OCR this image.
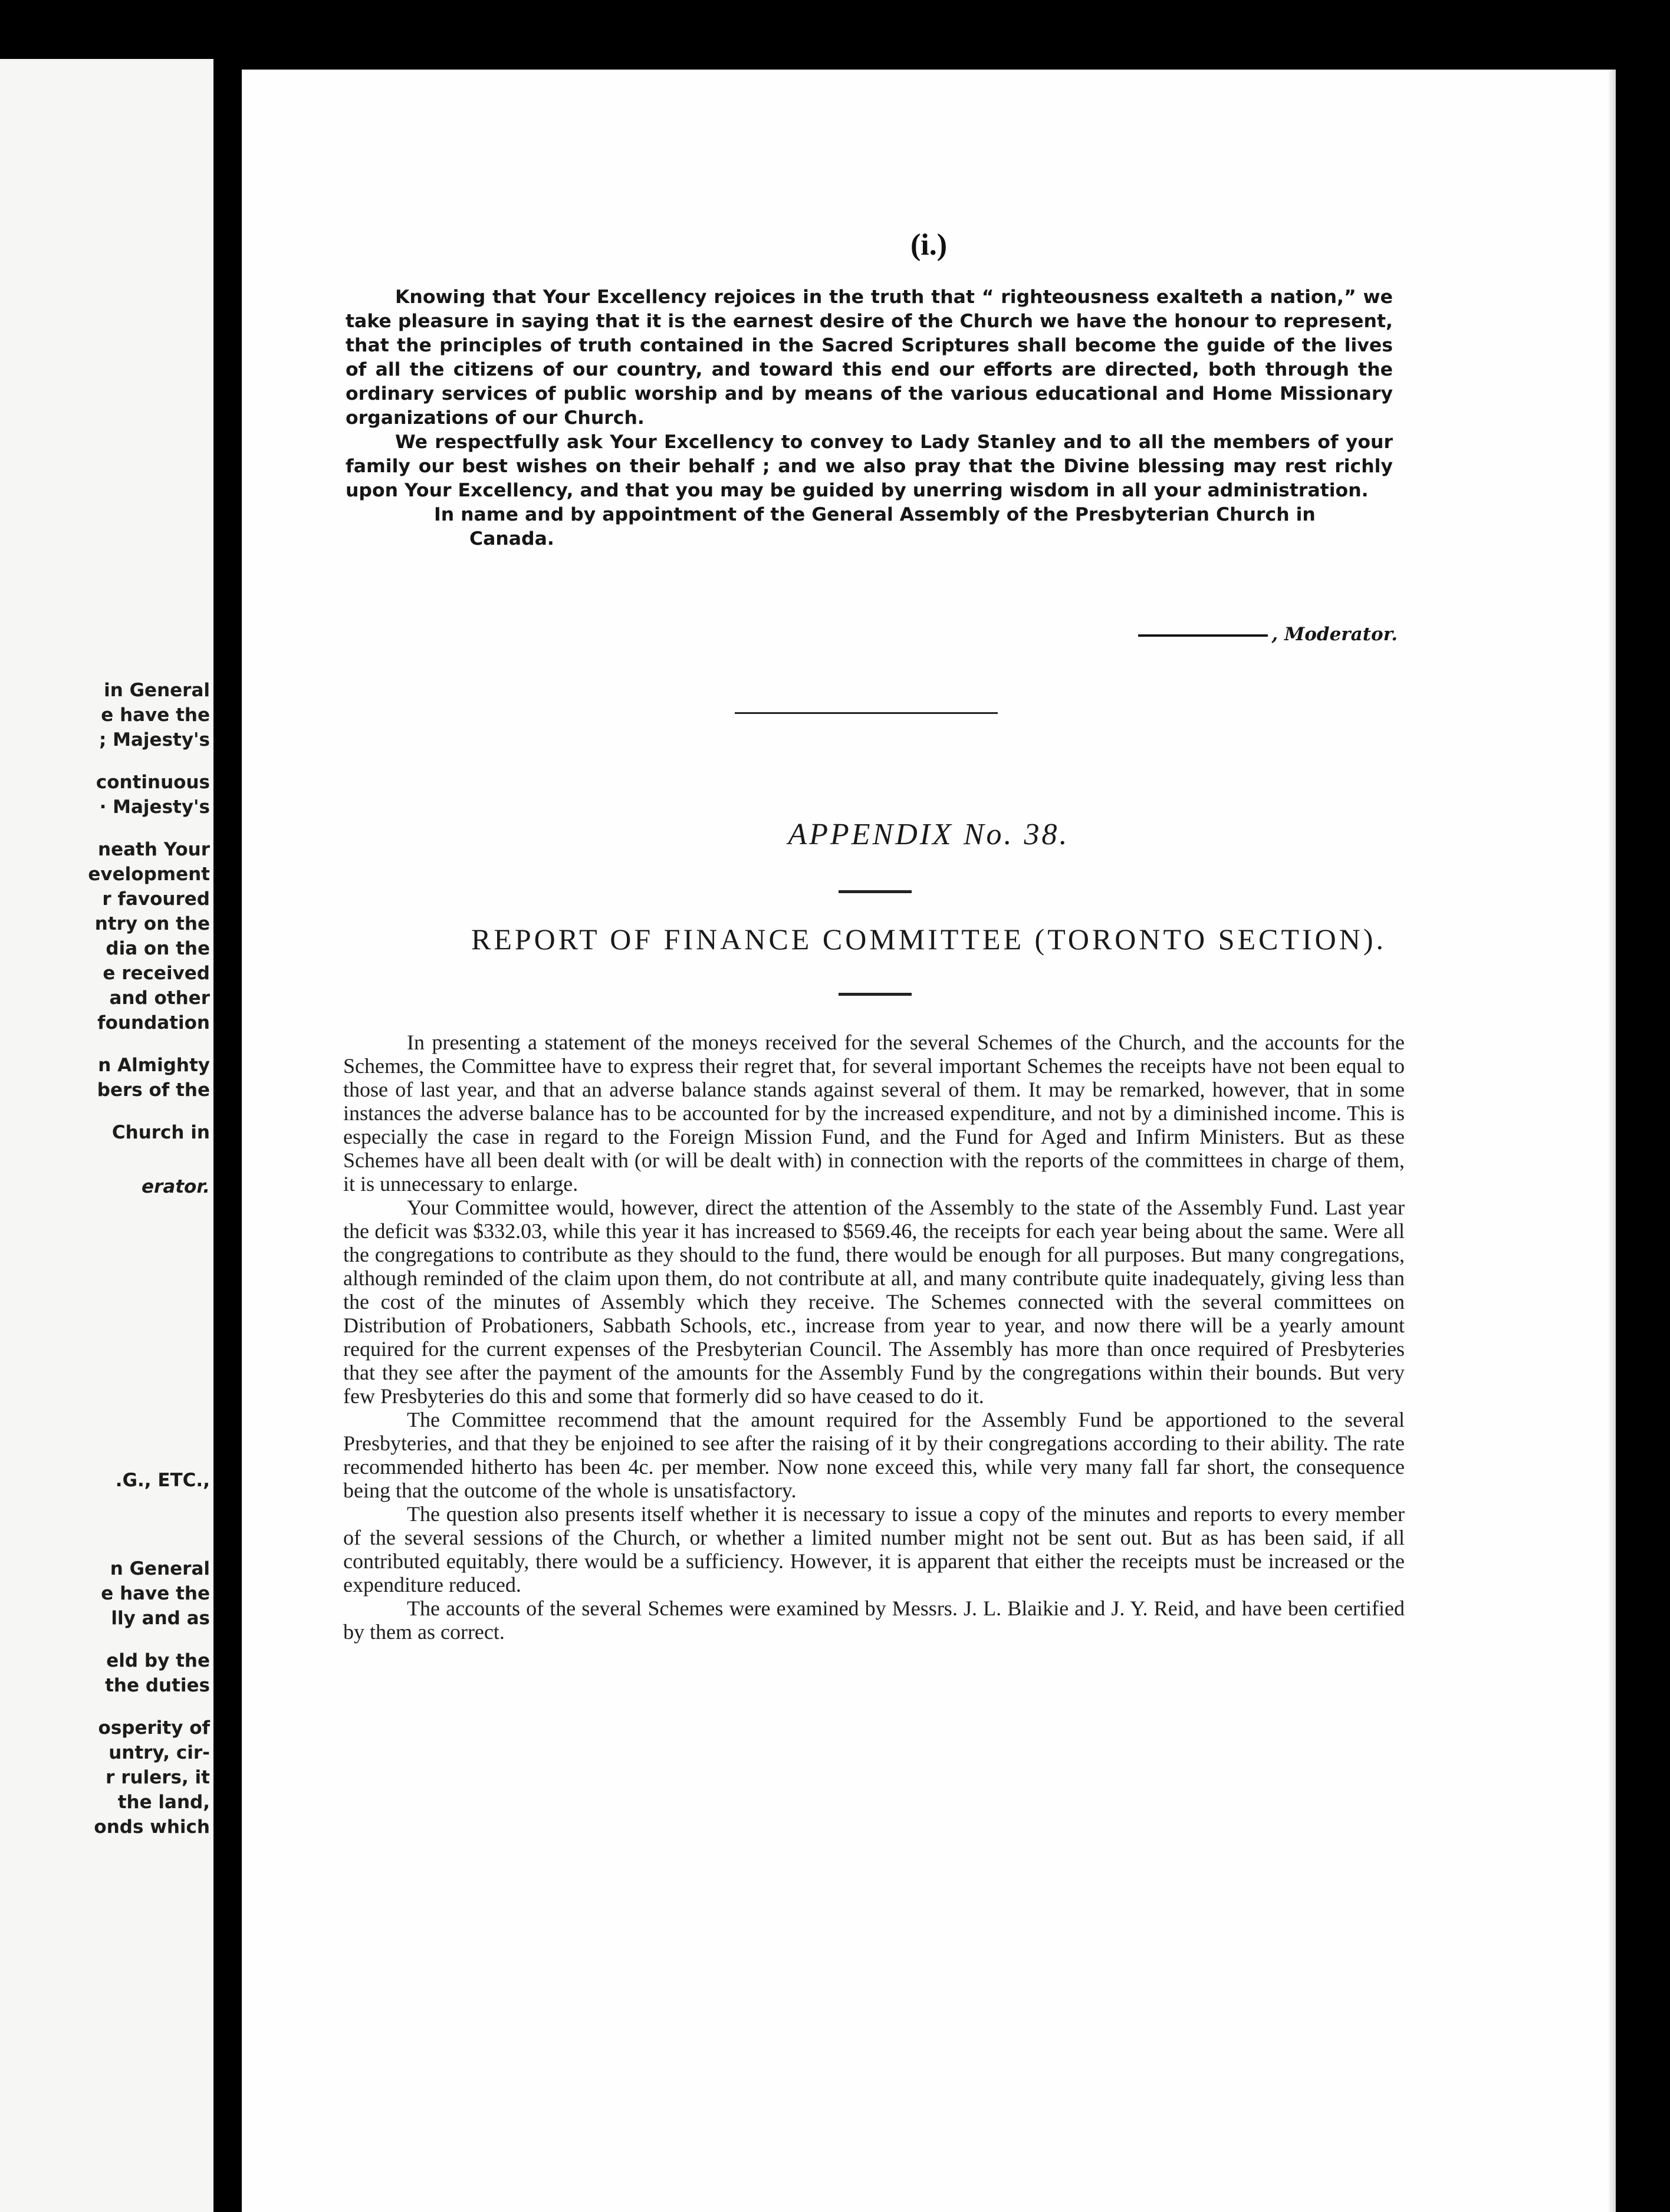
in General
e have the
; Majesty's
continuous
· Majesty's
neath Your
evelopment
r favoured
ntry on the
dia on the
e received
and other
foundation
n Almighty
bers of the
Church in
erator.
.G., ETC.,
n General
e have the
lly and as
eld by the
the duties
osperity of
untry, cir-
r rulers, it
the land,
onds which
(i.)

Knowing that Your Excellency rejoices in the truth that “ righteousness exalteth a nation,” we take pleasure in saying that it is the earnest desire of the Church we have the honour to represent, that the principles of truth contained in the Sacred Scriptures shall become the guide of the lives of all the citizens of our country, and toward this end our efforts are directed, both through the ordinary services of public worship and by means of the various educational and Home Missionary organizations of our Church.

We respectfully ask Your Excellency to convey to Lady Stanley and to all the members of your family our best wishes on their behalf ; and we also pray that the Divine blessing may rest richly upon Your Excellency, and that you may be guided by unerring wisdom in all your administration.

In name and by appointment of the General Assembly of the Presbyterian Church in
Canada.

, Moderator.
APPENDIX No. 38.
REPORT OF FINANCE COMMITTEE (TORONTO SECTION).

In presenting a statement of the moneys received for the several Schemes of the Church, and the accounts for the Schemes, the Committee have to express their regret that, for several important Schemes the receipts have not been equal to those of last year, and that an adverse balance stands against several of them. It may be remarked, however, that in some instances the adverse balance has to be accounted for by the increased expenditure, and not by a diminished income. This is especially the case in regard to the Foreign Mission Fund, and the Fund for Aged and Infirm Ministers. But as these Schemes have all been dealt with (or will be dealt with) in connection with the reports of the committees in charge of them, it is unnecessary to enlarge.

Your Committee would, however, direct the attention of the Assembly to the state of the Assembly Fund. Last year the deficit was $332.03, while this year it has increased to $569.46, the receipts for each year being about the same. Were all the congregations to contribute as they should to the fund, there would be enough for all purposes. But many congregations, although reminded of the claim upon them, do not contribute at all, and many contribute quite inadequately, giving less than the cost of the minutes of Assembly which they receive. The Schemes connected with the several committees on Distribution of Probationers, Sabbath Schools, etc., increase from year to year, and now there will be a yearly amount required for the current expenses of the Presbyterian Council. The Assembly has more than once required of Presbyteries that they see after the payment of the amounts for the Assembly Fund by the congregations within their bounds. But very few Presbyteries do this and some that formerly did so have ceased to do it.

The Committee recommend that the amount required for the Assembly Fund be apportioned to the several Presbyteries, and that they be enjoined to see after the raising of it by their congregations according to their ability. The rate recommended hitherto has been 4c. per member. Now none exceed this, while very many fall far short, the consequence being that the outcome of the whole is unsatisfactory.

The question also presents itself whether it is necessary to issue a copy of the minutes and reports to every member of the several sessions of the Church, or whether a limited number might not be sent out. But as has been said, if all contributed equitably, there would be a sufficiency. However, it is apparent that either the receipts must be increased or the expenditure reduced.

The accounts of the several Schemes were examined by Messrs. J. L. Blaikie and J. Y. Reid, and have been certified by them as correct.
